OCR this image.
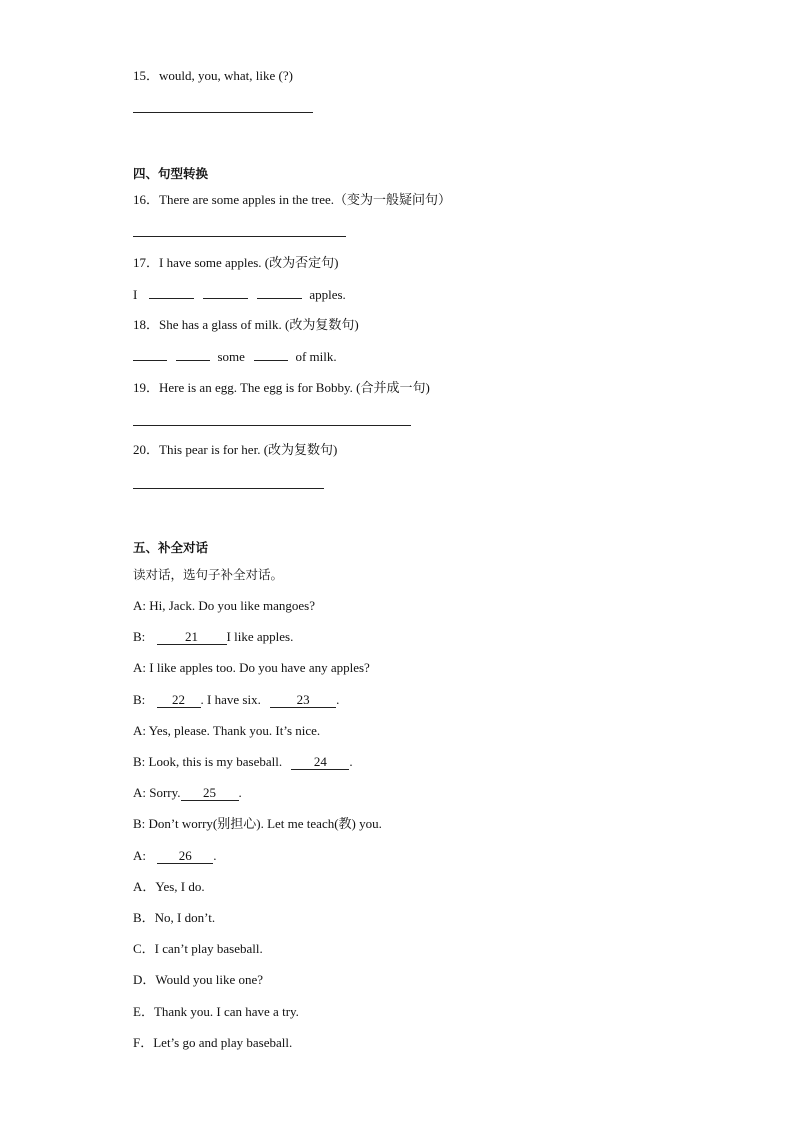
15．would, you, what, like (?)
四、句型转换
16．There are some apples in the tree.（变为一般疑问句）
17．I have some apples. (改为否定句)
I	apples.
18．She has a glass of milk. (改为复数句)
some	of milk.
19．Here is an egg. The egg is for Bobby. (合并成一句)
20．This pear is for her. (改为复数句)
五、补全对话
读对话，选句子补全对话。
A: Hi, Jack. Do you like mangoes?
B:	21 I like apples.
A: I like apples too. Do you have any apples?
B: 22 . I have six.	23 .
A: Yes, please. Thank you. It’s nice.
B: Look, this is my baseball. 24 .
A: Sorry. 25 .
B: Don’t worry(别担心). Let me teach(教) you.
A:	26 .
A．Yes, I do.
B．No, I don’t.
C．I can’t play baseball.
D．Would you like one?
E．Thank you. I can have a try.
F．Let’s go and play baseball.
